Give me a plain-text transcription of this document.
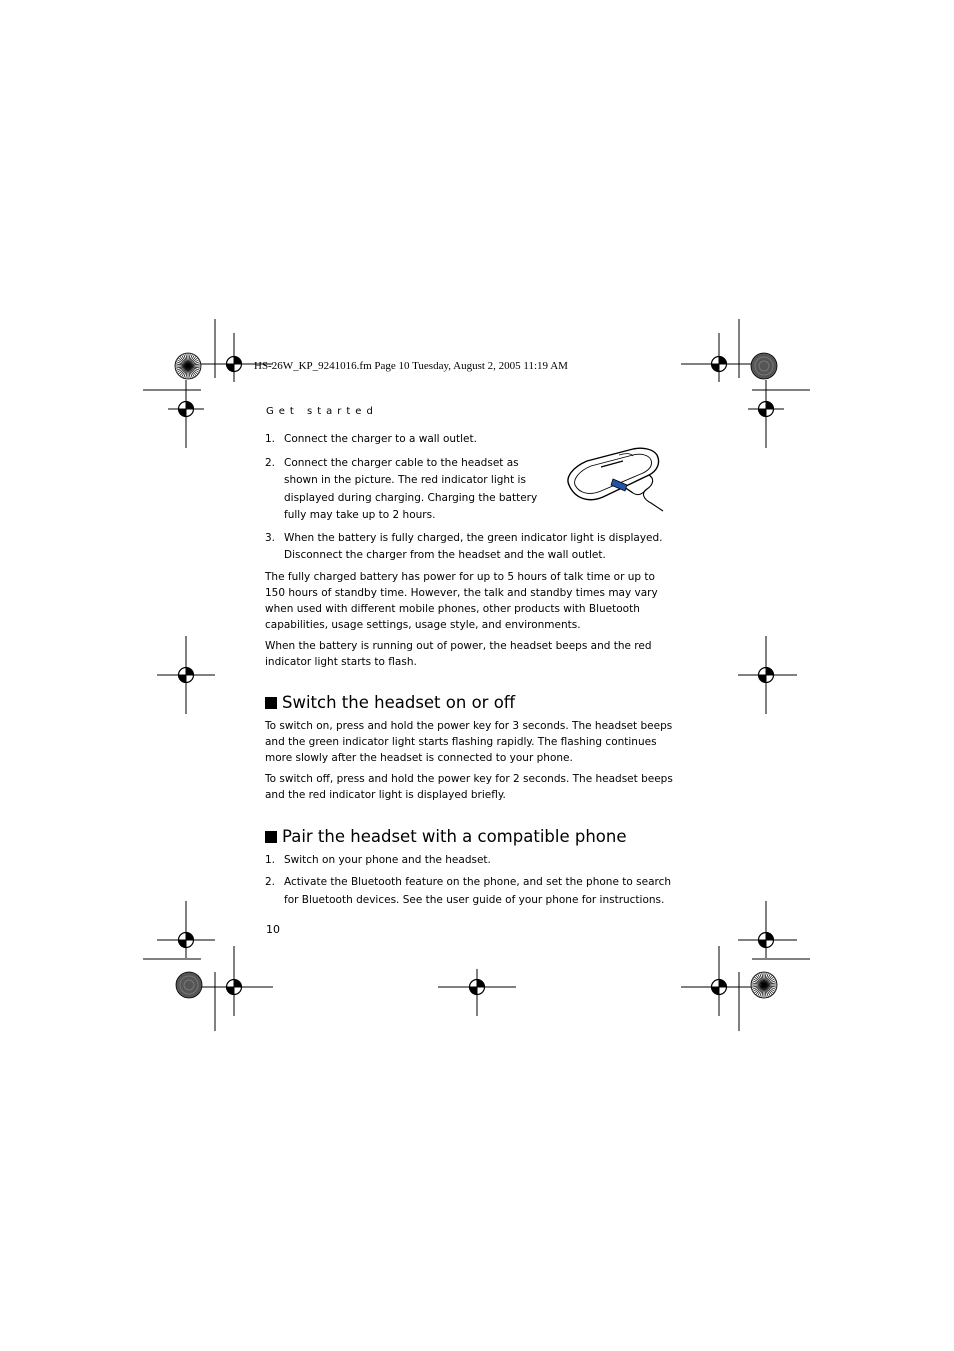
HS-26W_KP_9241016.fm Page 10 Tuesday, August 2, 2005 11:19 AM
Get started

1. Connect the charger to a wall outlet.

2. Connect the charger cable to the headset as shown in the picture. The red indicator light is displayed during charging. Charging the battery fully may take up to 2 hours.

3. When the battery is fully charged, the green indicator light is displayed. Disconnect the charger from the headset and the wall outlet.

The fully charged battery has power for up to 5 hours of talk time or up to 150 hours of standby time. However, the talk and standby times may vary when used with different mobile phones, other products with Bluetooth capabilities, usage settings, usage style, and environments.

When the battery is running out of power, the headset beeps and the red indicator light starts to flash.

Switch the headset on or off

To switch on, press and hold the power key for 3 seconds. The headset beeps and the green indicator light starts flashing rapidly. The flashing continues more slowly after the headset is connected to your phone.

To switch off, press and hold the power key for 2 seconds. The headset beeps and the red indicator light is displayed briefly.

Pair the headset with a compatible phone

1. Switch on your phone and the headset.

2. Activate the Bluetooth feature on the phone, and set the phone to search for Bluetooth devices. See the user guide of your phone for instructions.

10
